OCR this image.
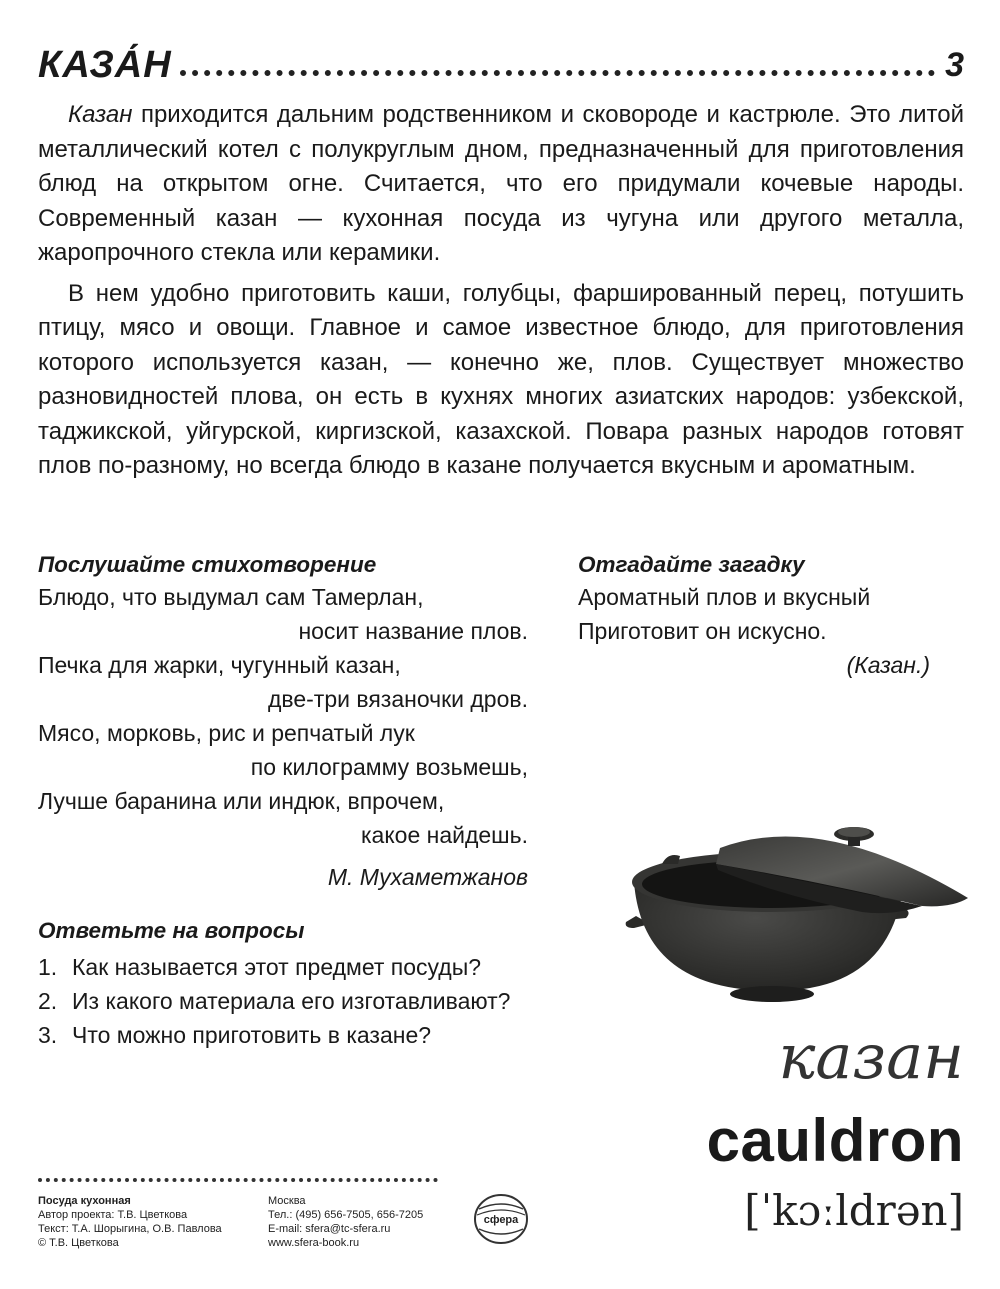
КАЗА́Н	3

Казан приходится дальним родственником и сковороде и кастрюле. Это литой металлический котел с полукруглым дном, предназначенный для приготовления блюд на открытом огне. Считается, что его придумали кочевые народы. Современный казан — кухонная посуда из чугуна или другого металла, жаропрочного стекла или керамики.

В нем удобно приготовить каши, голубцы, фаршированный перец, потушить птицу, мясо и овощи. Главное и самое известное блюдо, для приготовления которого используется казан, — конечно же, плов. Существует множество разновидностей плова, он есть в кухнях многих азиатских народов: узбекской, таджикской, уйгурской, киргизской, казахской. Повара разных народов готовят плов по-разному, но всегда блюдо в казане получается вкусным и ароматным.

Послушайте стихотворение
Блюдо, что выдумал сам Тамерлан,
носит название плов.
Печка для жарки, чугунный казан,
две-три вязаночки дров.
Мясо, морковь, рис и репчатый лук
по килограмму возьмешь,
Лучше баранина или индюк, впрочем,
какое найдешь.
М. Мухаметжанов
Отгадайте загадку
Ароматный плов и вкусный
Приготовит он искусно.
(Казан.)
Ответьте на вопросы
1. Как называется этот предмет посуды?
2. Из какого материала его изготавливают?
3. Что можно приготовить в казане?	казан
cauldron
[ˈkɔːldrən]
Посуда кухонная
Автор проекта: Т.В. Цветкова
Текст: Т.А. Шорыгина, О.В. Павлова
© Т.В. Цветкова
Москва
Тел.: (495) 656-7505, 656-7205
E-mail: sfera@tc-sfera.ru
www.sfera-book.ru
сфера
